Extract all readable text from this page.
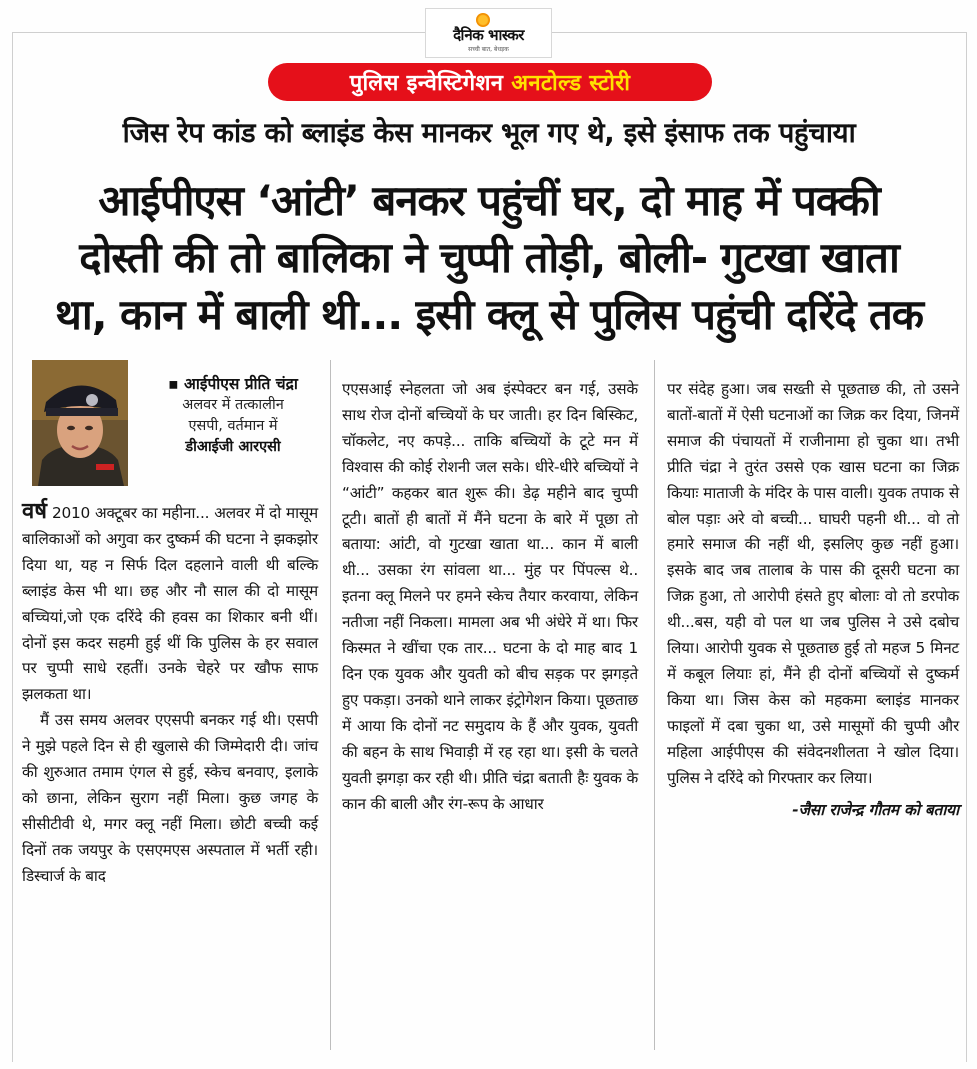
दैनिक भास्कर
सच्ची बात, बेधड़क
पुलिस इन्वेस्टिगेशन अनटोल्ड स्टोरी
जिस रेप कांड को ब्लाइंड केस मानकर भूल गए थे, इसे इंसाफ तक पहुंचाया
आईपीएस ‘आंटी’ बनकर पहुंचीं घर, दो माह में पक्की
दोस्ती की तो बालिका ने चुप्पी तोड़ी, बोली- गुटखा खाता
था, कान में बाली थी... इसी क्लू से पुलिस पहुंची दरिंदे तक
▪ आईपीएस प्रीति चंद्रा
अलवर में तत्कालीन
एसपी, वर्तमान में
डीआईजी आरएसी

वर्ष 2010 अक्टूबर का महीना... अलवर में दो मासूम बालिकाओं को अगुवा कर दुष्कर्म की घटना ने झकझोर दिया था, यह न सिर्फ दिल दहलाने वाली थी बल्कि ब्लाइंड केस भी था। छह और नौ साल की दो मासूम बच्चियां,जो एक दरिंदे की हवस का शिकार बनी थीं। दोनों इस कदर सहमी हुई थीं कि पुलिस के हर सवाल पर चुप्पी साधे रहतीं। उनके चेहरे पर खौफ साफ झलकता था।

मैं उस समय अलवर एएसपी बनकर गई थी। एसपी ने मुझे पहले दिन से ही खुलासे की जिम्मेदारी दी। जांच की शुरुआत तमाम एंगल से हुई, स्केच बनवाए, इलाके को छाना, लेकिन सुराग नहीं मिला। कुछ जगह के सीसीटीवी थे, मगर क्लू नहीं मिला। छोटी बच्ची कई दिनों तक जयपुर के एसएमएस अस्पताल में भर्ती रही। डिस्चार्ज के बाद

एएसआई स्नेहलता जो अब इंस्पेक्टर बन गई, उसके साथ रोज दोनों बच्चियों के घर जाती। हर दिन बिस्किट, चॉकलेट, नए कपड़े... ताकि बच्चियों के टूटे मन में विश्वास की कोई रोशनी जल सके। धीरे-धीरे बच्चियों ने “आंटी” कहकर बात शुरू की। डेढ़ महीने बाद चुप्पी टूटी। बातों ही बातों में मैंने घटना के बारे में पूछा तो बताया: आंटी, वो गुटखा खाता था... कान में बाली थी... उसका रंग सांवला था... मुंह पर पिंपल्स थे.. इतना क्लू मिलने पर हमने स्केच तैयार करवाया, लेकिन नतीजा नहीं निकला। मामला अब भी अंधेरे में था। फिर किस्मत ने खींचा एक तार... घटना के दो माह बाद 1 दिन एक युवक और युवती को बीच सड़क पर झगड़ते हुए पकड़ा। उनको थाने लाकर इंट्रोगेशन किया। पूछताछ में आया कि दोनों नट समुदाय के हैं और युवक, युवती की बहन के साथ भिवाड़ी में रह रहा था। इसी के चलते युवती झगड़ा कर रही थी। प्रीति चंद्रा बताती हैः युवक के कान की बाली और रंग-रूप के आधार

पर संदेह हुआ। जब सख्ती से पूछताछ की, तो उसने बातों-बातों में ऐसी घटनाओं का जिक्र कर दिया, जिनमें समाज की पंचायतों में राजीनामा हो चुका था। तभी प्रीति चंद्रा ने तुरंत उससे एक खास घटना का जिक्र कियाः माताजी के मंदिर के पास वाली। युवक तपाक से बोल पड़ाः अरे वो बच्ची... घाघरी पहनी थी... वो तो हमारे समाज की नहीं थी, इसलिए कुछ नहीं हुआ। इसके बाद जब तालाब के पास की दूसरी घटना का जिक्र हुआ, तो आरोपी हंसते हुए बोलाः वो तो डरपोक थी...बस, यही वो पल था जब पुलिस ने उसे दबोच लिया। आरोपी युवक से पूछताछ हुई तो महज 5 मिनट में कबूल लियाः हां, मैंने ही दोनों बच्चियों से दुष्कर्म किया था। जिस केस को महकमा ब्लाइंड मानकर फाइलों में दबा चुका था, उसे मासूमों की चुप्पी और महिला आईपीएस की संवेदनशीलता ने खोल दिया। पुलिस ने दरिंदे को गिरफ्तार कर लिया।

-जैसा राजेन्द्र गौतम को बताया
